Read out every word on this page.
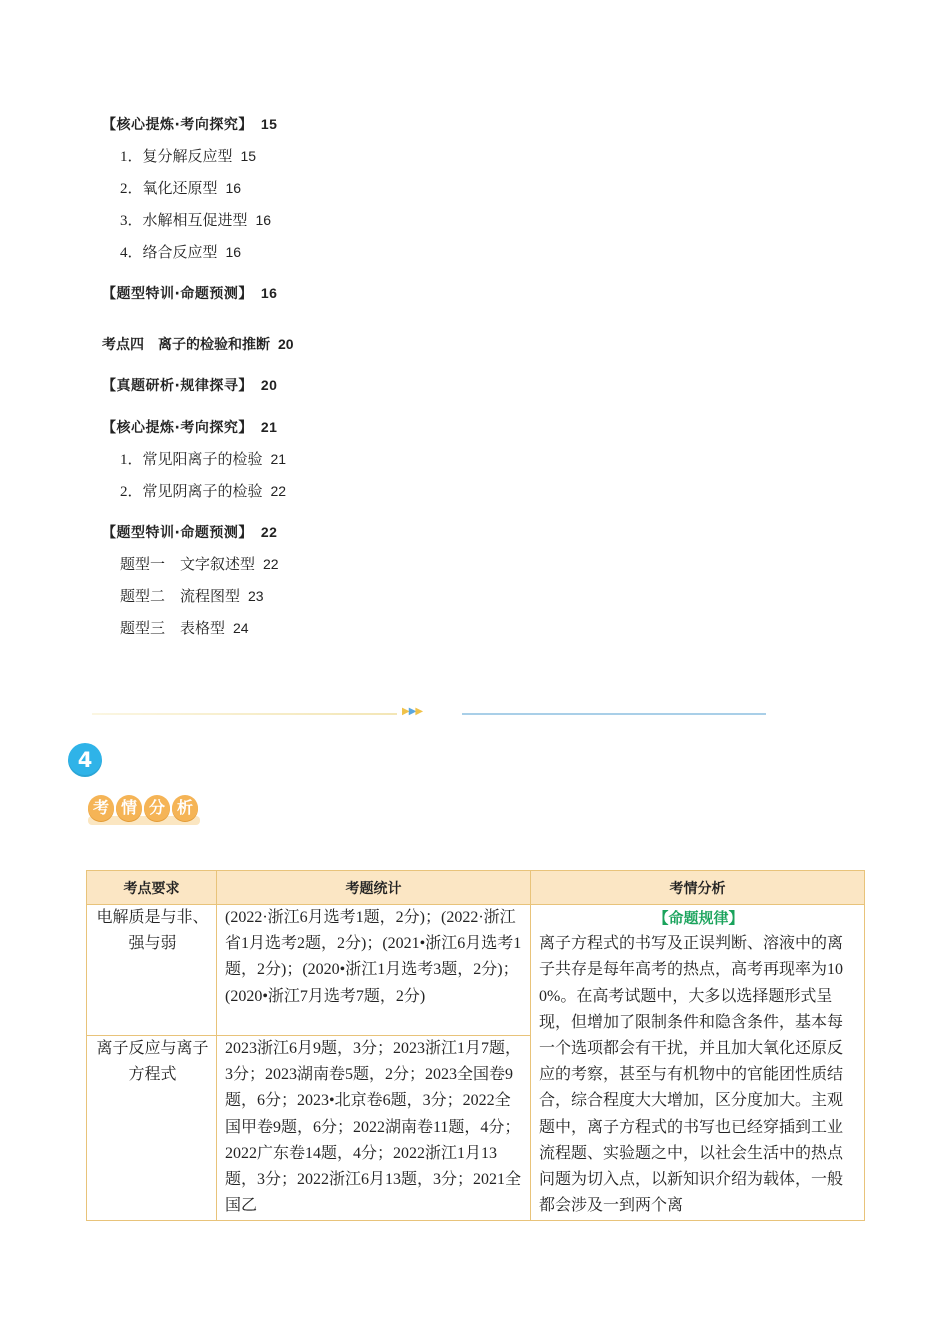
【核心提炼·考向探究】 15
1．复分解反应型 15
2．氧化还原型 16
3．水解相互促进型 16
4．络合反应型 16
【题型特训·命题预测】 16
考点四　离子的检验和推断 20
【真题研析·规律探寻】 20
【核心提炼·考向探究】 21
1．常见阳离子的检验 21
2．常见阴离子的检验 22
【题型特训·命题预测】 22
题型一　文字叙述型 22
题型二　流程图型 23
题型三　表格型 24
▶▶▶
4
考 情 分 析
考点要求	考题统计	考情分析
电解质是与非、强与弱	(2022·浙江6月选考1题，2分)；(2022·浙江省1月选考2题，2分)；(2021•浙江6月选考1题，2分)；(2020•浙江1月选考3题，2分)；(2020•浙江7月选考7题，2分)	【命题规律】
离子方程式的书写及正误判断、溶液中的离子共存是每年高考的热点，高考再现率为100%。在高考试题中，大多以选择题形式呈现，但增加了限制条件和隐含条件，基本每一个选项都会有干扰，并且加大氧化还原反应的考察，甚至与有机物中的官能团性质结合，综合程度大大增加，区分度加大。主观题中，离子方程式的书写也已经穿插到工业流程题、实验题之中，以社会生活中的热点问题为切入点，以新知识介绍为载体，一般都会涉及一到两个离

离子反应与离子方程式	2023浙江6月9题，3分；2023浙江1月7题，3分；2023湖南卷5题，2分；2023全国卷9题，6分；2023•北京卷6题，3分；2022全国甲卷9题，6分；2022湖南卷11题，4分；2022广东卷14题，4分；2022浙江1月13题，3分；2022浙江6月13题，3分；2021全国乙	
